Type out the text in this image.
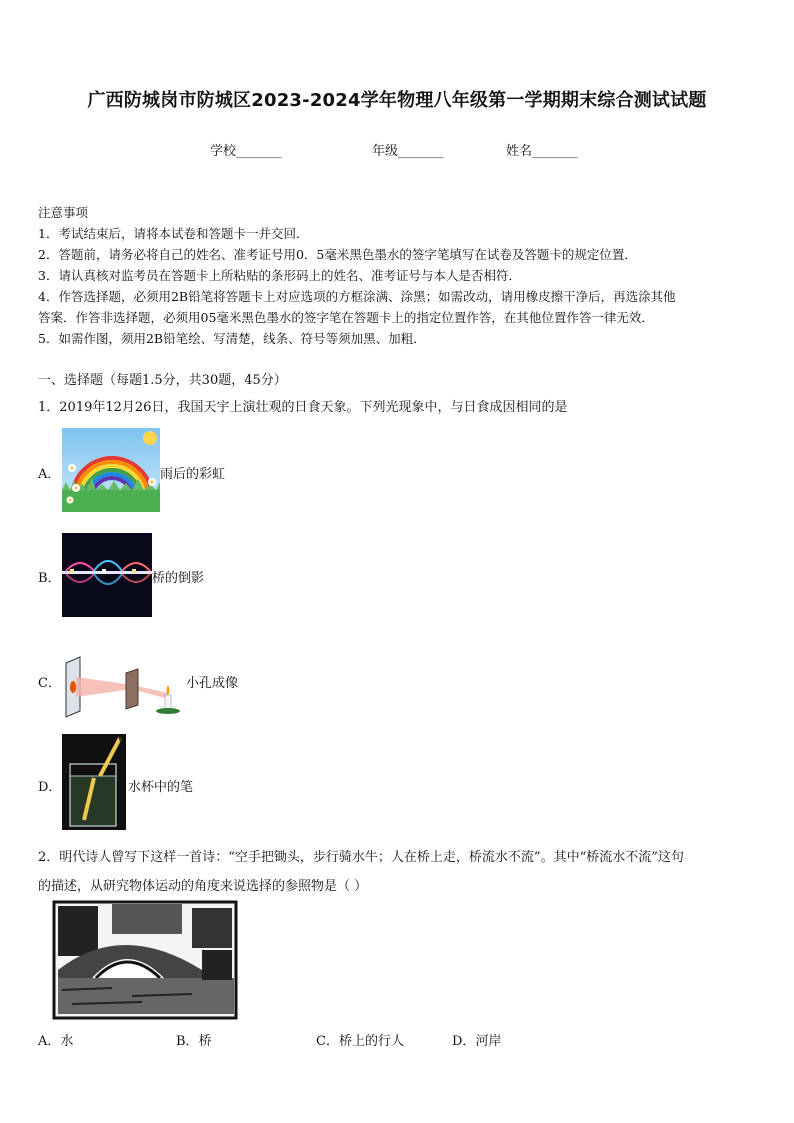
广西防城岗市防城区2023-2024学年物理八年级第一学期期末综合测试试题
学校_______	年级_______	姓名_______
注意事项
1．考试结束后，请将本试卷和答题卡一并交回．
2．答题前，请务必将自己的姓名、准考证号用0．5毫米黑色墨水的签字笔填写在试卷及答题卡的规定位置．
3．请认真核对监考员在答题卡上所粘贴的条形码上的姓名、准考证号与本人是否相符．
4．作答选择题，必须用2B铅笔将答题卡上对应选项的方框涂满、涂黑；如需改动，请用橡皮擦干净后，再选涂其他
答案．作答非选择题，必须用05毫米黑色墨水的签字笔在答题卡上的指定位置作答，在其他位置作答一律无效．
5．如需作图，须用2B铅笔绘、写清楚，线条、符号等须加黑、加粗．
一、选择题（每题1.5分，共30题，45分）
1．2019年12月26日，我国天宇上演壮观的日食天象。下列光现象中，与日食成因相同的是
A．	雨后的彩虹
B．	桥的倒影
C．	小孔成像
D．	水杯中的笔
2．明代诗人曾写下这样一首诗：“空手把锄头，步行骑水牛；人在桥上走，桥流水不流”。其中“桥流水不流”这句
的描述，从研究物体运动的角度来说选择的参照物是（ ）
A．水	B．桥	C．桥上的行人	D．河岸
